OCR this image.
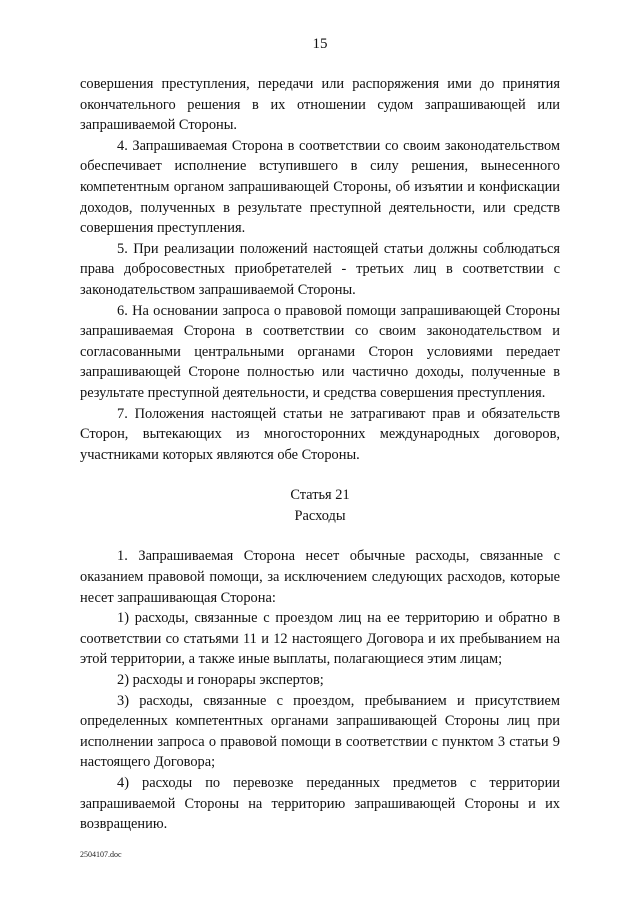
15

совершения преступления, передачи или распоряжения ими до принятия окончательного решения в их отношении судом запрашивающей или запрашиваемой Стороны.

4. Запрашиваемая Сторона в соответствии со своим законодательством обеспечивает исполнение вступившего в силу решения, вынесенного компетентным органом запрашивающей Стороны, об изъятии и конфискации доходов, полученных в результате преступной деятельности, или средств совершения преступления.

5. При реализации положений настоящей статьи должны соблюдаться права добросовестных приобретателей - третьих лиц в соответствии с законодательством запрашиваемой Стороны.

6. На основании запроса о правовой помощи запрашивающей Стороны запрашиваемая Сторона в соответствии со своим законодательством и согласованными центральными органами Сторон условиями передает запрашивающей Стороне полностью или частично доходы, полученные в результате преступной деятельности, и средства совершения преступления.

7. Положения настоящей статьи не затрагивают прав и обязательств Сторон, вытекающих из многосторонних международных договоров, участниками которых являются обе Стороны.

Статья 21

Расходы

1. Запрашиваемая Сторона несет обычные расходы, связанные с оказанием правовой помощи, за исключением следующих расходов, которые несет запрашивающая Сторона:

1) расходы, связанные с проездом лиц на ее территорию и обратно в соответствии со статьями 11 и 12 настоящего Договора и их пребыванием на этой территории, а также иные выплаты, полагающиеся этим лицам;

2) расходы и гонорары экспертов;

3) расходы, связанные с проездом, пребыванием и присутствием определенных компетентных органами запрашивающей Стороны лиц при исполнении запроса о правовой помощи в соответствии с пунктом 3 статьи 9 настоящего Договора;

4) расходы по перевозке переданных предметов с территории запрашиваемой Стороны на территорию запрашивающей Стороны и их возвращению.

2504107.doc
